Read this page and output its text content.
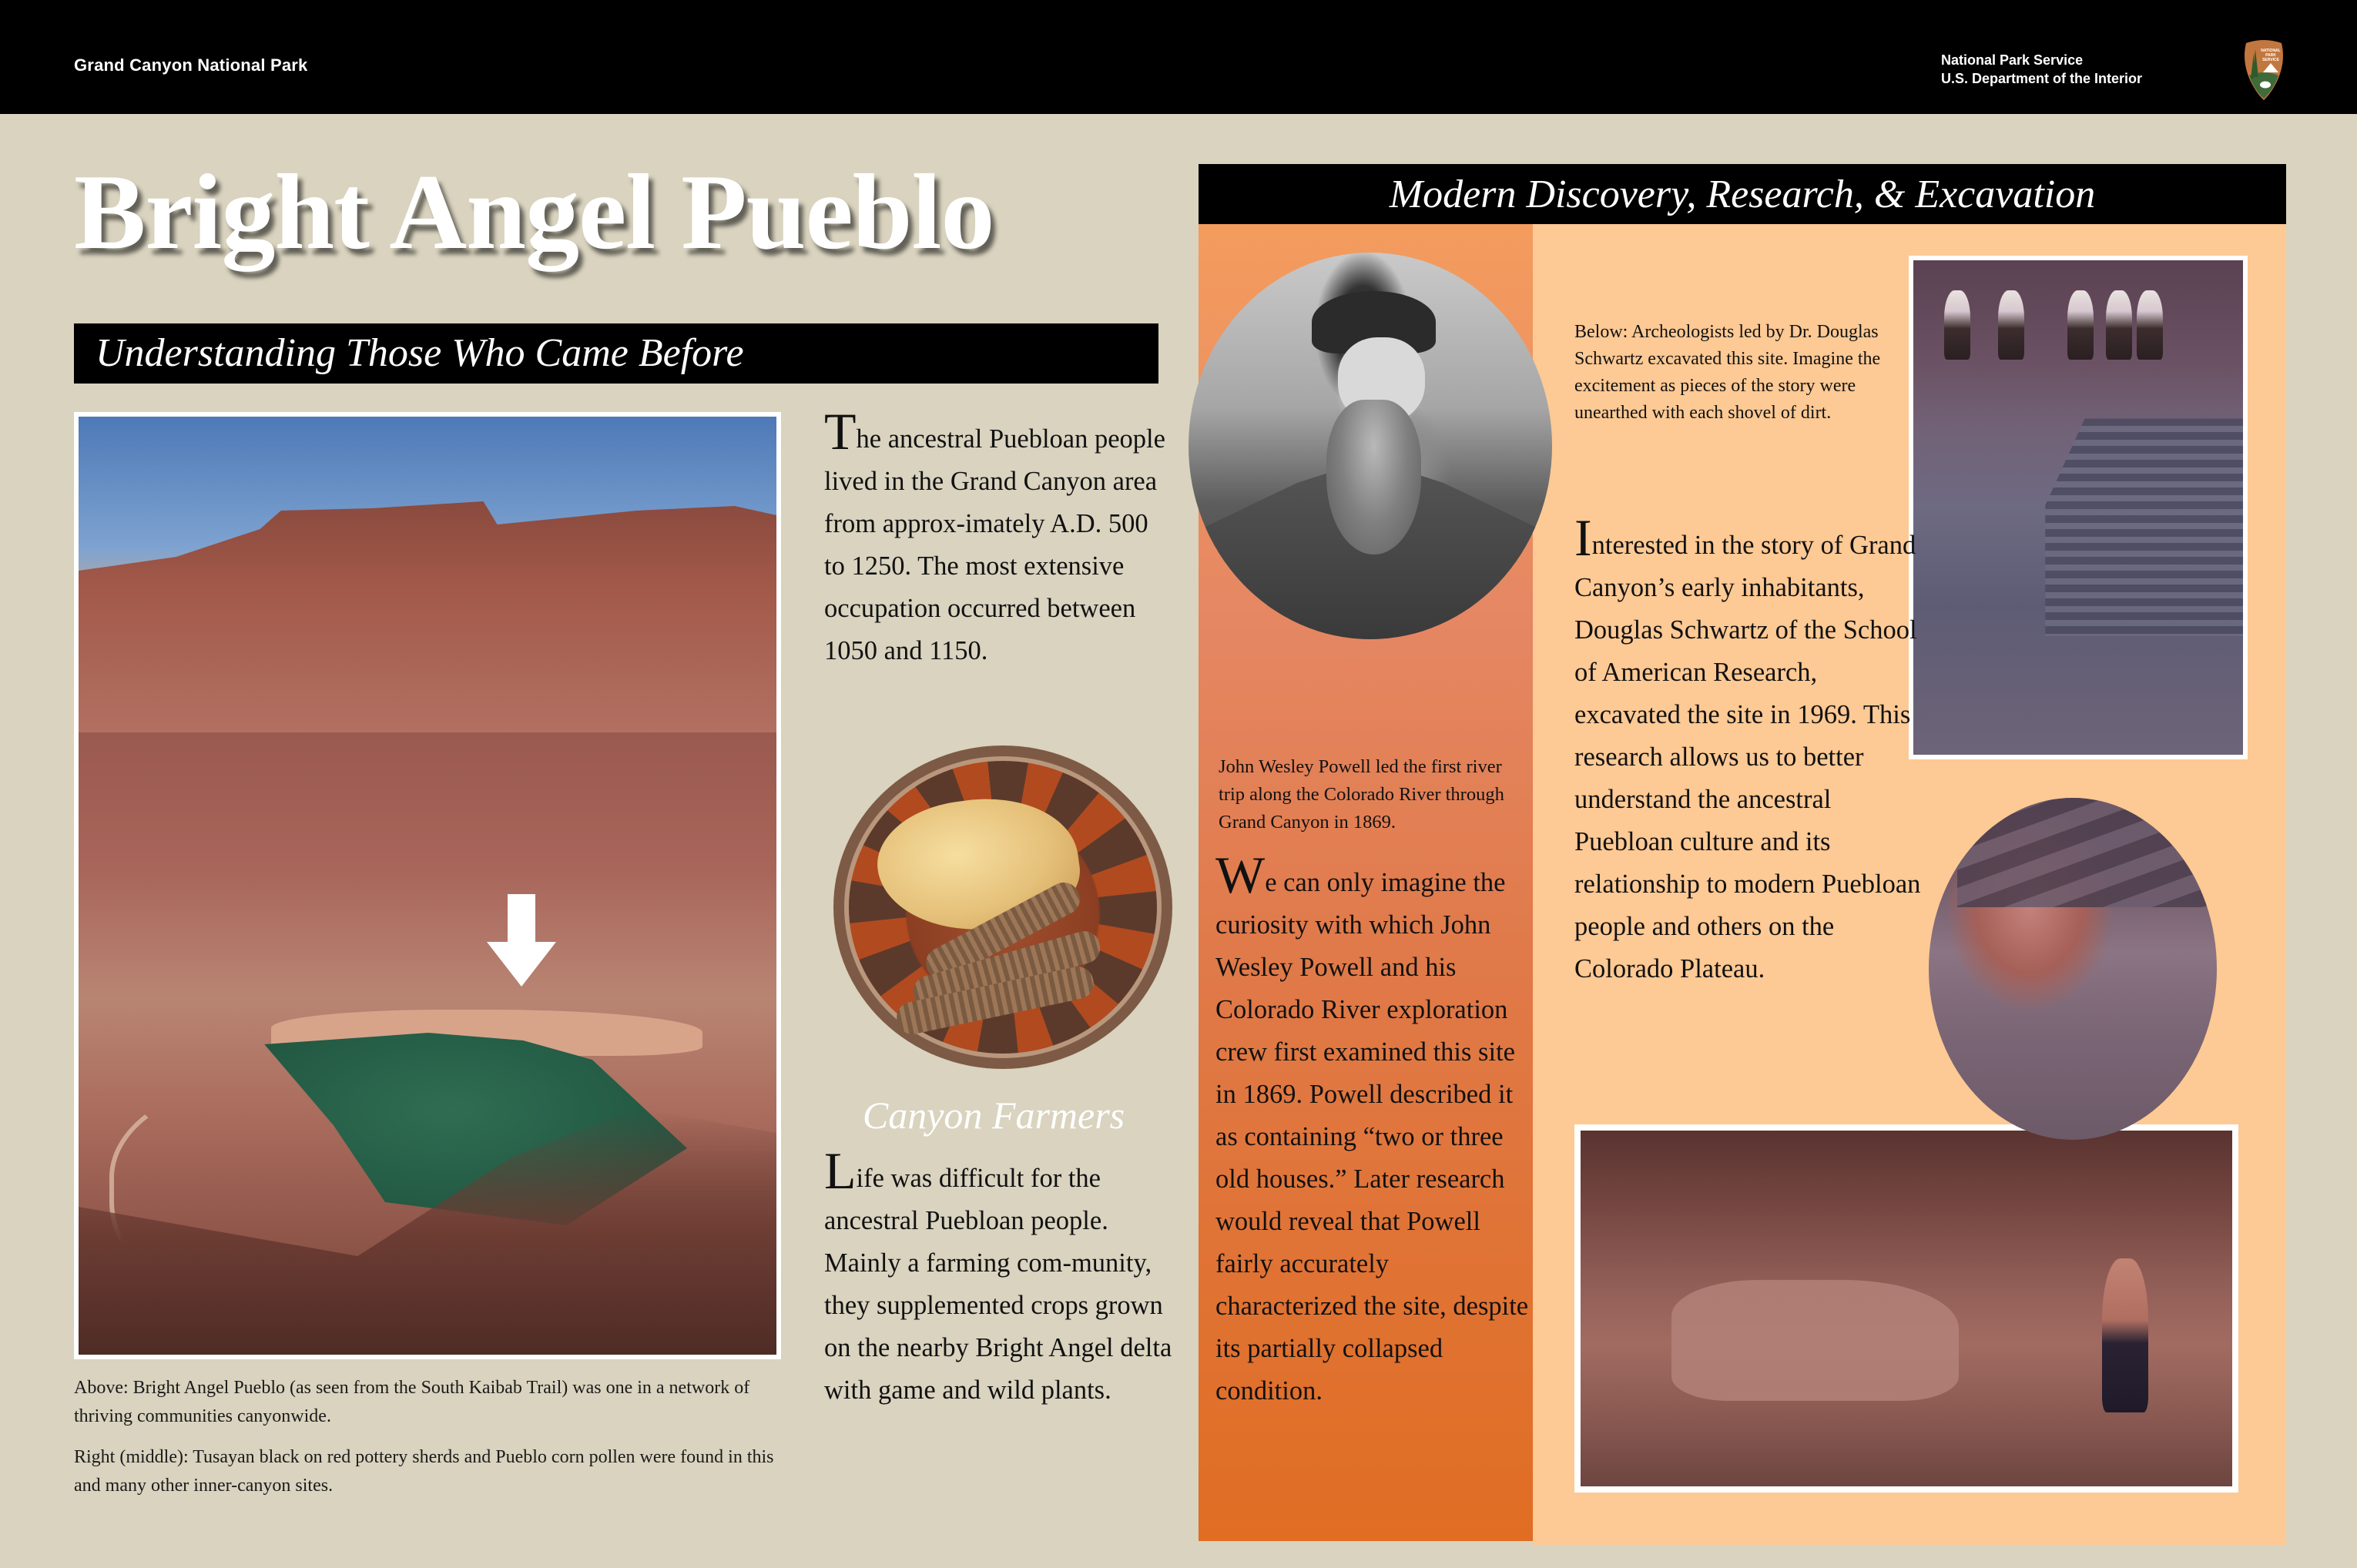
Grand Canyon National Park	National Park Service
U.S. Department of the Interior
NATIONAL
PARK
SERVICE
Bright Angel Pueblo
Understanding Those Who Came Before
Above: Bright Angel Pueblo (as seen from the South Kaibab Trail) was one in a network of thriving communities canyonwide.
Right (middle): Tusayan black on red pottery sherds and Pueblo corn pollen were found in this and many other inner-canyon sites.
The ancestral Puebloan people lived in the Grand Canyon area from approx-imately A.D. 500 to 1250. The most extensive occupation occurred between 1050 and 1150.
Canyon Farmers
Life was difficult for the ancestral Puebloan people. Mainly a farming com-munity, they supplemented crops grown on the nearby Bright Angel delta with game and wild plants.
Modern Discovery, Research, & Excavation
John Wesley Powell led the first river trip along the Colorado River through Grand Canyon in 1869.
We can only imagine the curiosity with which John Wesley Powell and his Colorado River exploration crew first examined this site in 1869. Powell described it as containing “two or three old houses.” Later research would reveal that Powell fairly accurately characterized the site, despite its partially collapsed condition.
Below: Archeologists led by Dr. Douglas Schwartz excavated this site. Imagine the excitement as pieces of the story were unearthed with each shovel of dirt.
Interested in the story of Grand Canyon’s early inhabitants, Douglas Schwartz of the School of American Research, excavated the site in 1969. This research allows us to better understand the ancestral Puebloan culture and its relationship to modern Puebloan people and others on the Colorado Plateau.
